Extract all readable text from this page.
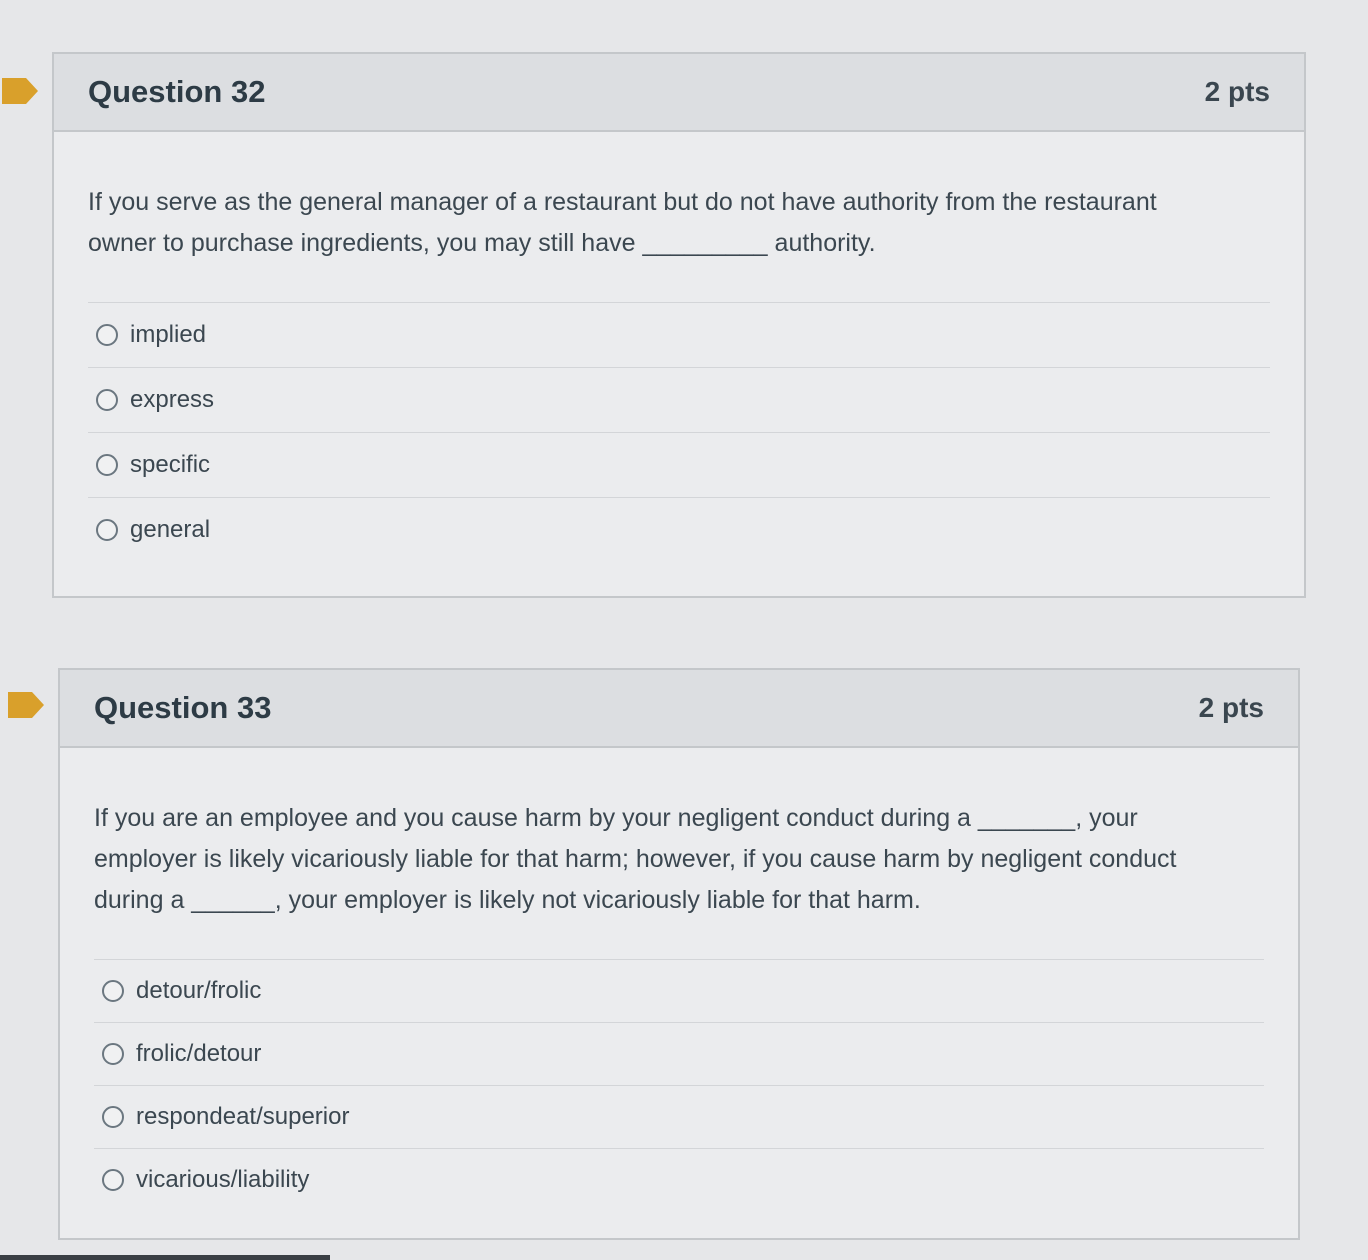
Question 32	2 pts
If you serve as the general manager of a restaurant but do not have authority from the restaurant
owner to purchase ingredients, you may still have _________ authority.
implied
express
specific
general
Question 33	2 pts
If you are an employee and you cause harm by your negligent conduct during a _______, your
employer is likely vicariously liable for that harm; however, if you cause harm by negligent conduct
during a ______, your employer is likely not vicariously liable for that harm.
detour/frolic
frolic/detour
respondeat/superior
vicarious/liability
